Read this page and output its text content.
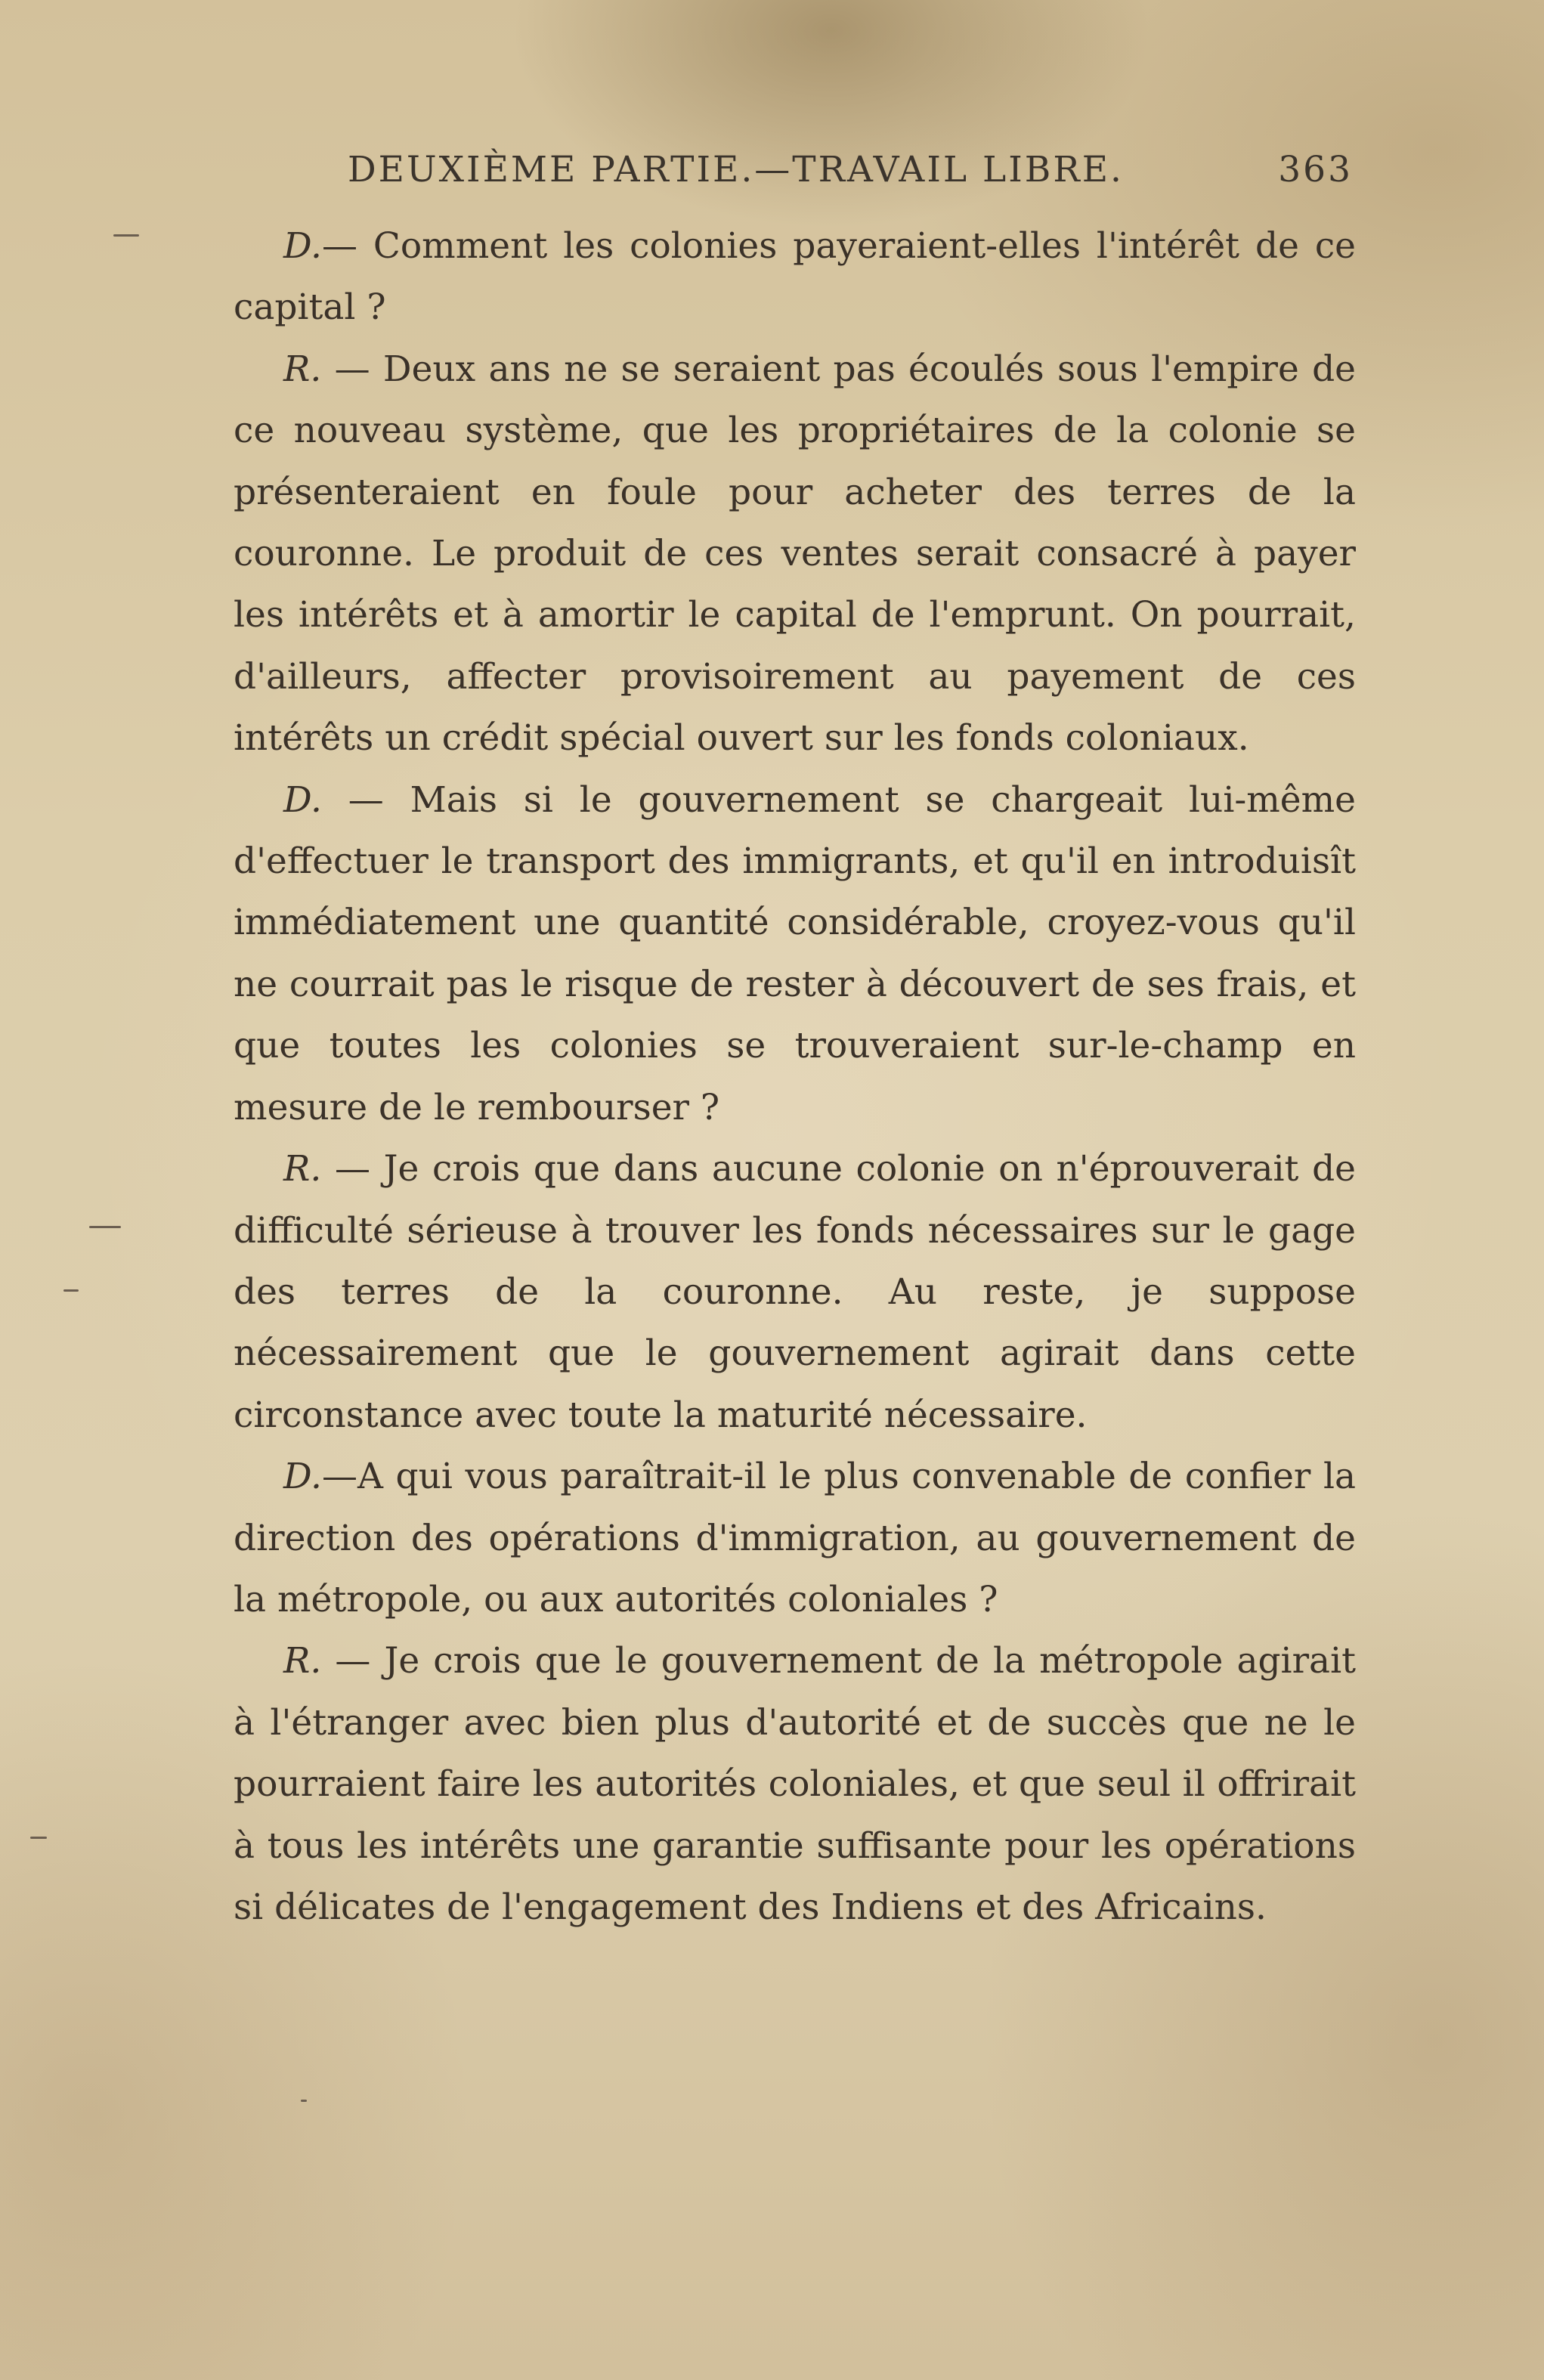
DEUXIÈME PARTIE.—TRAVAIL LIBRE.	363

D.— Comment les colonies payeraient-elles l'intérêt de ce capital ?

R. — Deux ans ne se seraient pas écoulés sous l'empire de ce nouveau système, que les propriétaires de la colonie se présenteraient en foule pour acheter des terres de la couronne. Le produit de ces ventes serait consacré à payer les intérêts et à amortir le capital de l'emprunt. On pourrait, d'ailleurs, affecter provisoirement au payement de ces intérêts un crédit spécial ouvert sur les fonds coloniaux.

D. — Mais si le gouvernement se chargeait lui-même d'effectuer le transport des immigrants, et qu'il en introduisît immédiatement une quantité considérable, croyez-vous qu'il ne courrait pas le risque de rester à découvert de ses frais, et que toutes les colonies se trouveraient sur-le-champ en mesure de le rembourser ?

R. — Je crois que dans aucune colonie on n'éprouverait de difficulté sérieuse à trouver les fonds nécessaires sur le gage des terres de la couronne. Au reste, je suppose nécessairement que le gouvernement agirait dans cette circonstance avec toute la maturité nécessaire.

D.—A qui vous paraîtrait-il le plus convenable de confier la direction des opérations d'immigration, au gouvernement de la métropole, ou aux autorités coloniales ?

R. — Je crois que le gouvernement de la métropole agirait à l'étranger avec bien plus d'autorité et de succès que ne le pourraient faire les autorités coloniales, et que seul il offrirait à tous les intérêts une garantie suffisante pour les opérations si délicates de l'engagement des Indiens et des Africains.
